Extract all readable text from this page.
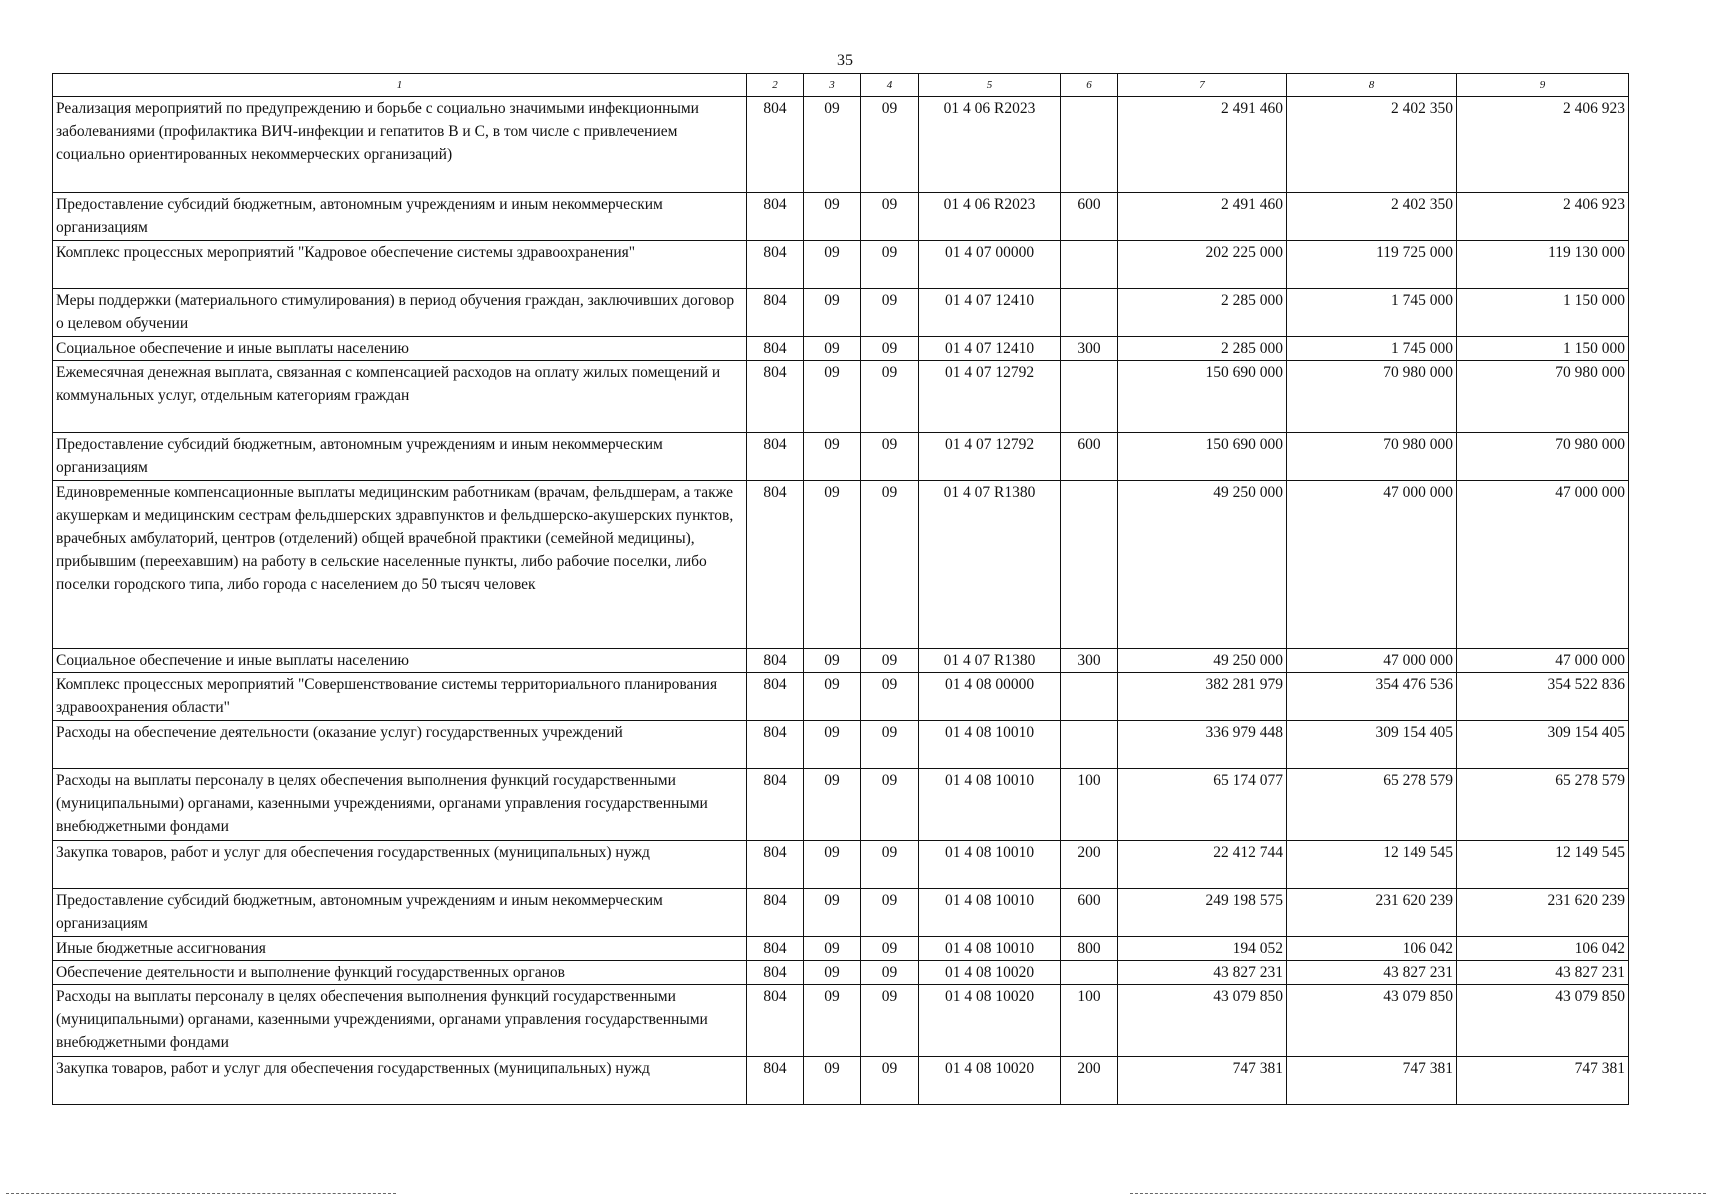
35
1	2	3	4	5	6	7	8	9
Реализация мероприятий по предупреждению и борьбе с социально значимыми инфекционными заболеваниями (профилактика ВИЧ-инфекции и гепатитов B и C, в том числе с привлечением социально ориентированных некоммерческих организаций)	804	09	09	01 4 06 R2023		2 491 460	2 402 350	2 406 923
Предоставление субсидий бюджетным, автономным учреждениям и иным некоммерческим организациям	804	09	09	01 4 06 R2023	600	2 491 460	2 402 350	2 406 923
Комплекс процессных мероприятий "Кадровое обеспечение системы здравоохранения"	804	09	09	01 4 07 00000		202 225 000	119 725 000	119 130 000
Меры поддержки (материального стимулирования) в период обучения граждан, заключивших договор о целевом обучении	804	09	09	01 4 07 12410		2 285 000	1 745 000	1 150 000
Социальное обеспечение и иные выплаты населению	804	09	09	01 4 07 12410	300	2 285 000	1 745 000	1 150 000
Ежемесячная денежная выплата, связанная с компенсацией расходов на оплату жилых помещений и коммунальных услуг, отдельным категориям граждан	804	09	09	01 4 07 12792		150 690 000	70 980 000	70 980 000
Предоставление субсидий бюджетным, автономным учреждениям и иным некоммерческим организациям	804	09	09	01 4 07 12792	600	150 690 000	70 980 000	70 980 000
Единовременные компенсационные выплаты медицинским работникам (врачам, фельдшерам, а также акушеркам и медицинским сестрам фельдшерских здравпунктов и фельдшерско-акушерских пунктов, врачебных амбулаторий, центров (отделений) общей врачебной практики (семейной медицины), прибывшим (переехавшим) на работу в сельские населенные пункты, либо рабочие поселки, либо поселки городского типа, либо города с населением до 50 тысяч человек	804	09	09	01 4 07 R1380		49 250 000	47 000 000	47 000 000
Социальное обеспечение и иные выплаты населению	804	09	09	01 4 07 R1380	300	49 250 000	47 000 000	47 000 000
Комплекс процессных мероприятий "Совершенствование системы территориального планирования здравоохранения области"	804	09	09	01 4 08 00000		382 281 979	354 476 536	354 522 836
Расходы на обеспечение деятельности (оказание услуг) государственных учреждений	804	09	09	01 4 08 10010		336 979 448	309 154 405	309 154 405
Расходы на выплаты персоналу в целях обеспечения выполнения функций государственными (муниципальными) органами, казенными учреждениями, органами управления государственными внебюджетными фондами	804	09	09	01 4 08 10010	100	65 174 077	65 278 579	65 278 579
Закупка товаров, работ и услуг для обеспечения государственных (муниципальных) нужд	804	09	09	01 4 08 10010	200	22 412 744	12 149 545	12 149 545
Предоставление субсидий бюджетным, автономным учреждениям и иным некоммерческим организациям	804	09	09	01 4 08 10010	600	249 198 575	231 620 239	231 620 239
Иные бюджетные ассигнования	804	09	09	01 4 08 10010	800	194 052	106 042	106 042
Обеспечение деятельности и выполнение функций государственных органов	804	09	09	01 4 08 10020		43 827 231	43 827 231	43 827 231
Расходы на выплаты персоналу в целях обеспечения выполнения функций государственными (муниципальными) органами, казенными учреждениями, органами управления государственными внебюджетными фондами	804	09	09	01 4 08 10020	100	43 079 850	43 079 850	43 079 850
Закупка товаров, работ и услуг для обеспечения государственных (муниципальных) нужд	804	09	09	01 4 08 10020	200	747 381	747 381	747 381
